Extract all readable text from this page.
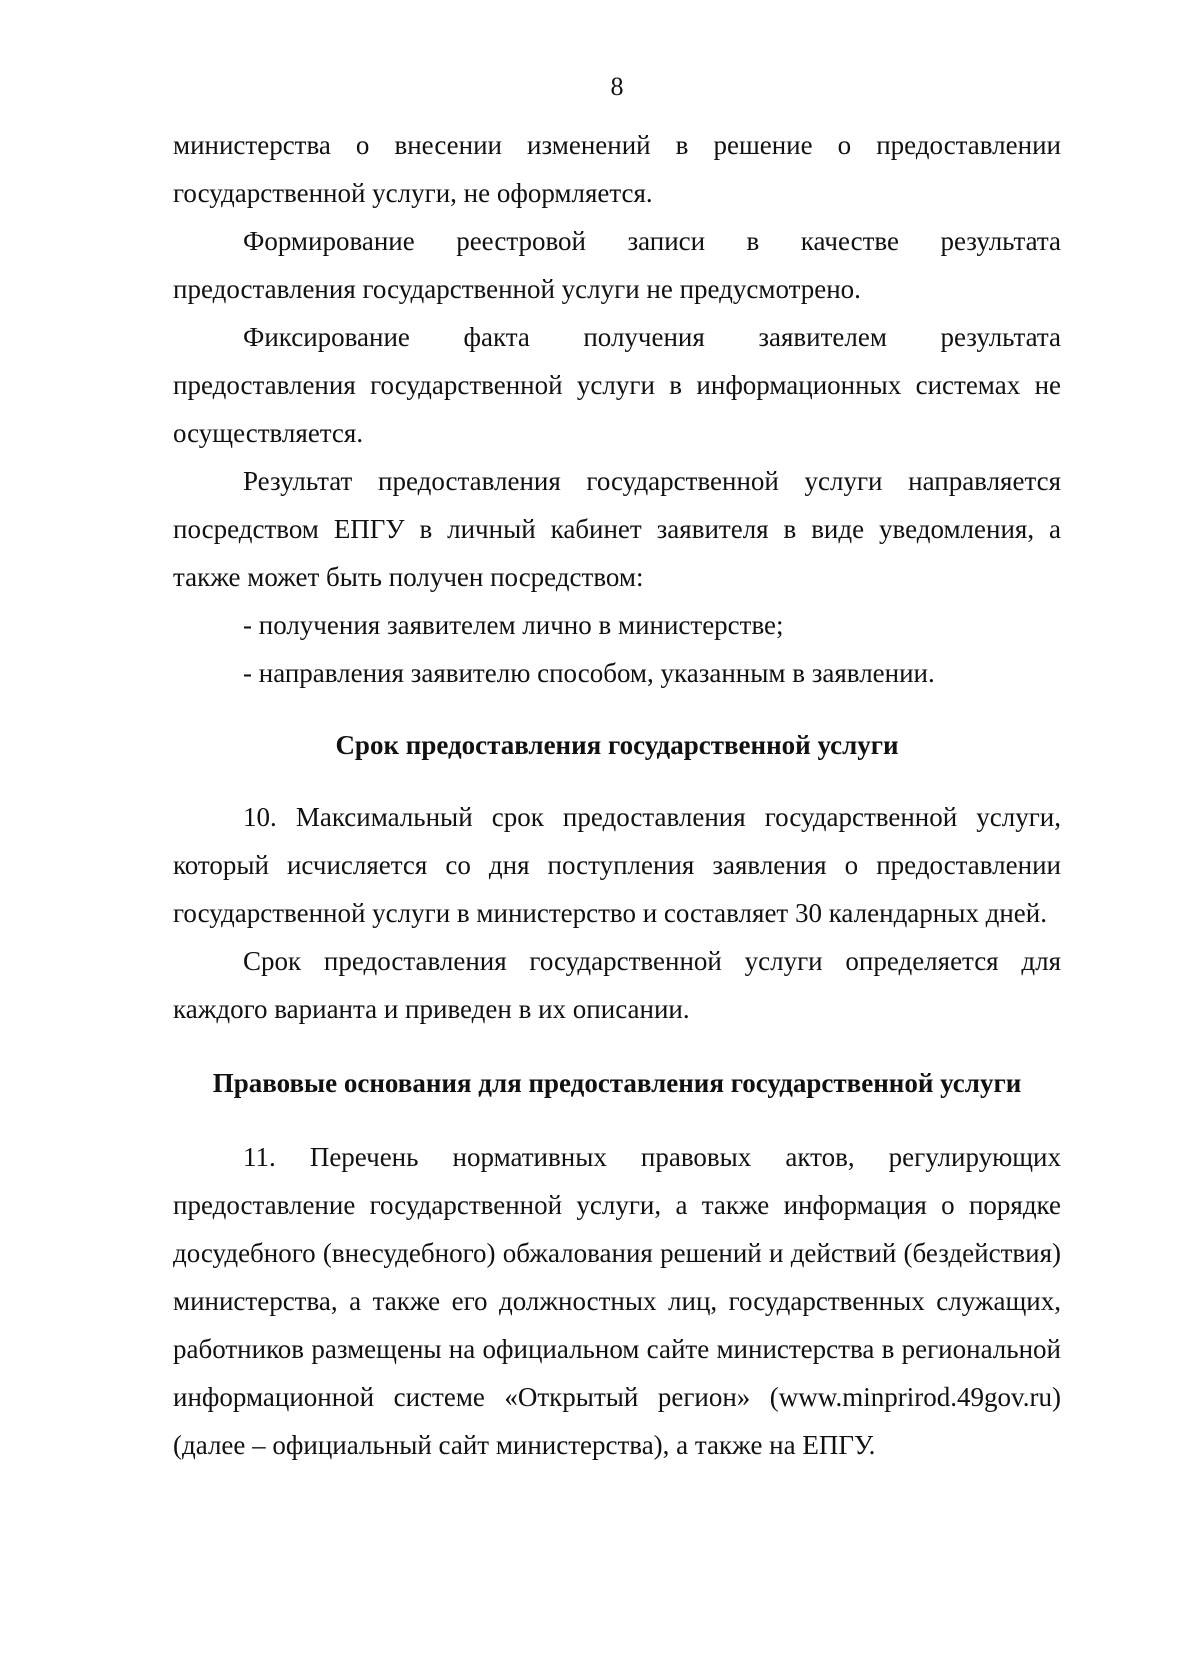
8

министерства о внесении изменений в решение о предоставлении государственной услуги, не оформляется.

Формирование реестровой записи в качестве результата предоставления государственной услуги не предусмотрено.

Фиксирование факта получения заявителем результата предоставления государственной услуги в информационных системах не осуществляется.

Результат предоставления государственной услуги направляется посредством ЕПГУ в личный кабинет заявителя в виде уведомления, а также может быть получен посредством:

- получения заявителем лично в министерстве;

- направления заявителю способом, указанным в заявлении.

Срок предоставления государственной услуги

10. Максимальный срок предоставления государственной услуги, который исчисляется со дня поступления заявления о предоставлении государственной услуги в министерство и составляет 30 календарных дней.

Срок предоставления государственной услуги определяется для каждого варианта и приведен в их описании.

Правовые основания для предоставления государственной услуги

11. Перечень нормативных правовых актов, регулирующих предоставление государственной услуги, а также информация о порядке досудебного (внесудебного) обжалования решений и действий (бездействия) министерства, а также его должностных лиц, государственных служащих, работников размещены на официальном сайте министерства в региональной информационной системе «Открытый регион» (www.minprirod.49gov.ru) (далее – официальный сайт министерства), а также на ЕПГУ.
